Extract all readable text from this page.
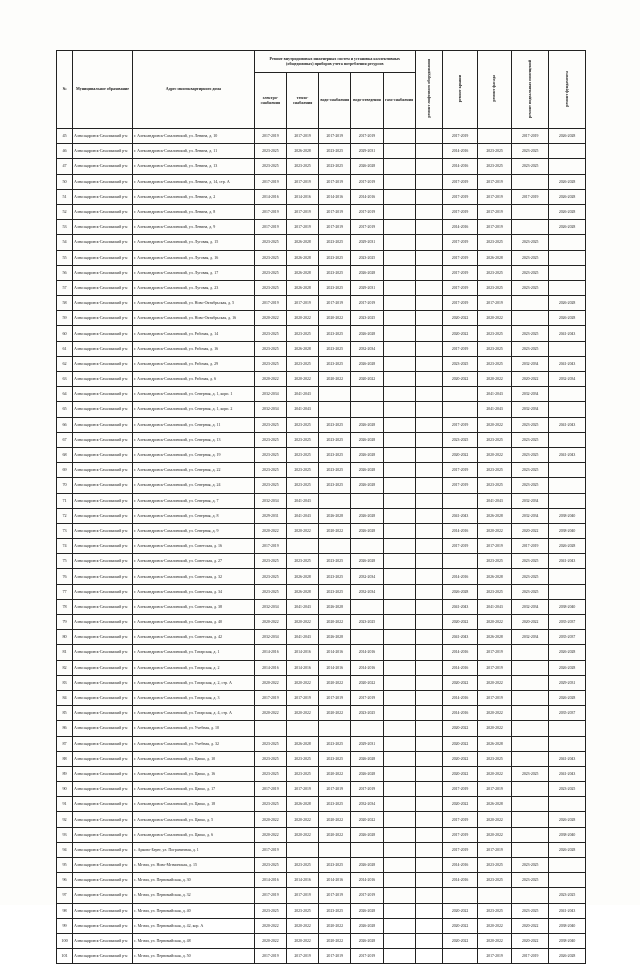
№	Муниципальное образование	Адрес многоквартирного дома	Ремонт внутридомовых инженерных систем и установка коллективных (общедомовых) приборов учета потребления ресурсов					ремонт лифтового оборудования	ремонт крыши	ремонт фасада	ремонт подвальных помещений	ремонт фундамента
			электро-снабжения	тепло-снабжения	водо-снабжения	водо-отведения	газо-снабжения					
45	Александровск-Сахалинский р-н	г. Александровск-Сахалинский, ул. Ленина, д. 10	2017-2019	2017-2019	2017-2019	2017-2019			2017-2019		2017-2019	2026-2028
46	Александровск-Сахалинский р-н	г. Александровск-Сахалинский, ул. Ленина, д. 11	2023-2025	2026-2028	2023-2025	2029-2031			2014-2016	2023-2025	2023-2025	
47	Александровск-Сахалинский р-н	г. Александровск-Сахалинский, ул. Ленина, д. 13	2023-2025	2023-2025	2023-2025	2026-2028			2014-2016	2023-2025	2023-2025	
50	Александровск-Сахалинский р-н	г. Александровск-Сахалинский, ул. Ленина, д. 14, стр. А	2017-2019	2017-2019	2017-2019	2017-2019			2017-2019	2017-2019		2026-2028
51	Александровск-Сахалинский р-н	г. Александровск-Сахалинский, ул. Ленина, д. 2	2014-2016	2014-2016	2014-2016	2014-2016			2017-2019	2017-2019	2017-2019	2026-2028
52	Александровск-Сахалинский р-н	г. Александровск-Сахалинский, ул. Ленина, д. 8	2017-2019	2017-2019	2017-2019	2017-2019			2017-2019	2017-2019		2026-2028
53	Александровск-Сахалинский р-н	г. Александровск-Сахалинский, ул. Ленина, д. 9	2017-2019	2017-2019	2017-2019	2017-2019			2014-2016	2017-2019		2026-2028
54	Александровск-Сахалинский р-н	г. Александровск-Сахалинский, ул. Луговая, д. 15	2023-2025	2026-2028	2023-2025	2029-2031			2017-2019	2023-2025	2023-2025	
55	Александровск-Сахалинский р-н	г. Александровск-Сахалинский, ул. Луговая, д. 16	2023-2025	2026-2028	2023-2025	2023-2025			2017-2019	2026-2028	2023-2025	
56	Александровск-Сахалинский р-н	г. Александровск-Сахалинский, ул. Луговая, д. 17	2023-2025	2026-2028	2023-2025	2026-2028			2017-2019	2023-2025	2023-2025	
57	Александровск-Сахалинский р-н	г. Александровск-Сахалинский, ул. Луговая, д. 23	2023-2025	2026-2028	2023-2025	2029-2031			2017-2019	2023-2025	2023-2025	
58	Александровск-Сахалинский р-н	г. Александровск-Сахалинский, ул. Ново-Октябрьская, д. 5	2017-2019	2017-2019	2017-2019	2017-2019			2017-2019	2017-2019		2026-2028
59	Александровск-Сахалинский р-н	г. Александровск-Сахалинский, ул. Ново-Октябрьская, д. 16	2020-2022	2020-2022	2020-2022	2023-2025			2020-2022	2020-2022		2026-2028
60	Александровск-Сахалинский р-н	г. Александровск-Сахалинский, ул. Рабочая, д. 14	2023-2025	2023-2025	2023-2025	2026-2028			2020-2022	2023-2025	2023-2025	2041-2043
61	Александровск-Сахалинский р-н	г. Александровск-Сахалинский, ул. Рабочая, д. 16	2023-2025	2026-2028	2023-2025	2032-2034			2017-2019	2023-2025	2023-2025	
62	Александровск-Сахалинский р-н	г. Александровск-Сахалинский, ул. Рабочая, д. 29	2023-2025	2023-2025	2023-2025	2026-2028			2023-2025	2023-2025	2032-2034	2041-2043
63	Александровск-Сахалинский р-н	г. Александровск-Сахалинский, ул. Рабочая, д. 6	2020-2022	2020-2022	2020-2022	2020-2022			2020-2022	2020-2022	2020-2022	2032-2034
64	Александровск-Сахалинский р-н	г. Александровск-Сахалинский, ул. Северная, д. 1, корп. 1	2032-2034	2041-2043						2041-2043	2032-2034	
65	Александровск-Сахалинский р-н	г. Александровск-Сахалинский, ул. Северная, д. 1, корп. 2	2032-2034	2041-2043						2041-2043	2032-2034	
66	Александровск-Сахалинский р-н	г. Александровск-Сахалинский, ул. Северная, д. 11	2023-2025	2023-2025	2023-2025	2026-2028			2017-2019	2020-2022	2023-2025	2041-2043
67	Александровск-Сахалинский р-н	г. Александровск-Сахалинский, ул. Северная, д. 13	2023-2025	2023-2025	2023-2025	2026-2028			2023-2025	2023-2025	2023-2025	
68	Александровск-Сахалинский р-н	г. Александровск-Сахалинский, ул. Северная, д. 19	2023-2025	2023-2025	2023-2025	2026-2028			2020-2022	2020-2022	2023-2025	2041-2043
69	Александровск-Сахалинский р-н	г. Александровск-Сахалинский, ул. Северная, д. 22	2023-2025	2023-2025	2023-2025	2026-2028			2017-2019	2023-2025	2023-2025	
70	Александровск-Сахалинский р-н	г. Александровск-Сахалинский, ул. Северная, д. 24	2023-2025	2023-2025	2023-2025	2026-2028			2017-2019	2023-2025	2023-2025	
71	Александровск-Сахалинский р-н	г. Александровск-Сахалинский, ул. Северная, д. 7	2032-2034	2041-2043						2041-2043	2032-2034	
72	Александровск-Сахалинский р-н	г. Александровск-Сахалинский, ул. Северная, д. 8	2029-2031	2041-2043	2026-2028	2026-2028			2041-2043	2026-2028	2032-2034	2038-2040
73	Александровск-Сахалинский р-н	г. Александровск-Сахалинский, ул. Северная, д. 9	2020-2022	2020-2022	2020-2022	2026-2028			2014-2016	2020-2022	2020-2022	2038-2040
74	Александровск-Сахалинский р-н	г. Александровск-Сахалинский, ул. Советская, д. 16	2017-2019						2017-2019	2017-2019	2017-2019	2026-2028
75	Александровск-Сахалинский р-н	г. Александровск-Сахалинский, ул. Советская, д. 27	2023-2025	2023-2025	2023-2025	2026-2028				2023-2025	2023-2025	2041-2043
76	Александровск-Сахалинский р-н	г. Александровск-Сахалинский, ул. Советская, д. 32	2023-2025	2026-2028	2023-2025	2032-2034			2014-2016	2026-2028	2023-2025	
77	Александровск-Сахалинский р-н	г. Александровск-Сахалинский, ул. Советская, д. 34	2023-2025	2026-2028	2023-2025	2032-2034			2026-2028	2023-2025	2023-2025	
78	Александровск-Сахалинский р-н	г. Александровск-Сахалинский, ул. Советская, д. 38	2032-2034	2041-2043	2026-2028				2041-2043	2041-2043	2032-2034	2038-2040
79	Александровск-Сахалинский р-н	г. Александровск-Сахалинский, ул. Советская, д. 40	2020-2022	2020-2022	2020-2022	2023-2025			2020-2022	2020-2022	2020-2022	2035-2037
80	Александровск-Сахалинский р-н	г. Александровск-Сахалинский, ул. Советская, д. 42	2032-2034	2041-2043	2026-2028				2041-2043	2026-2028	2032-2034	2035-2037
81	Александровск-Сахалинский р-н	г. Александровск-Сахалинский, ул. Татарская, д. 1	2014-2016	2014-2016	2014-2016	2014-2016			2014-2016	2017-2019		2026-2028
82	Александровск-Сахалинский р-н	г. Александровск-Сахалинский, ул. Татарская, д. 2	2014-2016	2014-2016	2014-2016	2014-2016			2014-2016	2017-2019		2026-2028
83	Александровск-Сахалинский р-н	г. Александровск-Сахалинский, ул. Татарская, д. 2, стр. А	2020-2022	2020-2022	2020-2022	2020-2022			2020-2022	2020-2022		2029-2031
84	Александровск-Сахалинский р-н	г. Александровск-Сахалинский, ул. Татарская, д. 3	2017-2019	2017-2019	2017-2019	2017-2019			2014-2016	2017-2019		2026-2028
85	Александровск-Сахалинский р-н	г. Александровск-Сахалинский, ул. Татарская, д. 4, стр. А	2020-2022	2020-2022	2020-2022	2023-2025			2014-2016	2020-2022		2035-2037
86	Александровск-Сахалинский р-н	г. Александровск-Сахалинский, ул. Учебная, д. 10							2020-2022	2020-2022		
87	Александровск-Сахалинский р-н	г. Александровск-Сахалинский, ул. Учебная, д. 32	2023-2025	2026-2028	2023-2025	2029-2031			2020-2022	2026-2028		
88	Александровск-Сахалинский р-н	г. Александровск-Сахалинский, ул. Цапко, д. 10	2023-2025	2023-2025	2023-2025	2026-2028			2020-2022	2023-2025		2041-2043
89	Александровск-Сахалинский р-н	г. Александровск-Сахалинский, ул. Цапко, д. 16	2023-2025	2023-2025	2020-2022	2026-2028			2020-2022	2020-2022	2023-2025	2041-2043
90	Александровск-Сахалинский р-н	г. Александровск-Сахалинский, ул. Цапко, д. 17	2017-2019	2017-2019	2017-2019	2017-2019			2017-2019	2017-2019		2023-2025
91	Александровск-Сахалинский р-н	г. Александровск-Сахалинский, ул. Цапко, д. 18	2023-2025	2026-2028	2023-2025	2032-2034			2020-2022	2026-2028		
92	Александровск-Сахалинский р-н	г. Александровск-Сахалинский, ул. Цапко, д. 5	2020-2022	2020-2022	2020-2022	2020-2022			2017-2019	2020-2022		2026-2028
93	Александровск-Сахалинский р-н	г. Александровск-Сахалинский, ул. Цапко, д. 6	2020-2022	2020-2022	2020-2022	2026-2028			2017-2019	2020-2022		2038-2040
94	Александровск-Сахалинский р-н	с. Арково-Берег, ул. Пограничная, д. 1	2017-2019						2017-2019	2017-2019		2026-2028
95	Александровск-Сахалинский р-н	с. Мгачи, ул. Ново-Мгачинская, д. 15	2023-2025	2023-2025	2023-2025	2026-2028			2014-2016	2023-2025	2023-2025	
96	Александровск-Сахалинский р-н	с. Мгачи, ул. Первомайская, д. 30	2014-2016	2014-2016	2014-2016	2014-2016			2014-2016	2023-2025	2023-2025	
97	Александровск-Сахалинский р-н	с. Мгачи, ул. Первомайская, д. 32	2017-2019	2017-2019	2017-2019	2017-2019						2023-2025
98	Александровск-Сахалинский р-н	с. Мгачи, ул. Первомайская, д. 40	2023-2025	2023-2025	2023-2025	2026-2028			2020-2022	2023-2025	2023-2025	2041-2043
99	Александровск-Сахалинский р-н	с. Мгачи, ул. Первомайская, д. 42, кор. А	2020-2022	2020-2022	2020-2022	2026-2028			2020-2022	2020-2022	2020-2022	2038-2040
100	Александровск-Сахалинский р-н	с. Мгачи, ул. Первомайская, д. 48	2020-2022	2020-2022	2020-2022	2026-2028			2020-2022	2020-2022	2020-2022	2038-2040
101	Александровск-Сахалинский р-н	с. Мгачи, ул. Первомайская, д. 50	2017-2019	2017-2019	2017-2019	2017-2019				2017-2019	2017-2019	2026-2028
